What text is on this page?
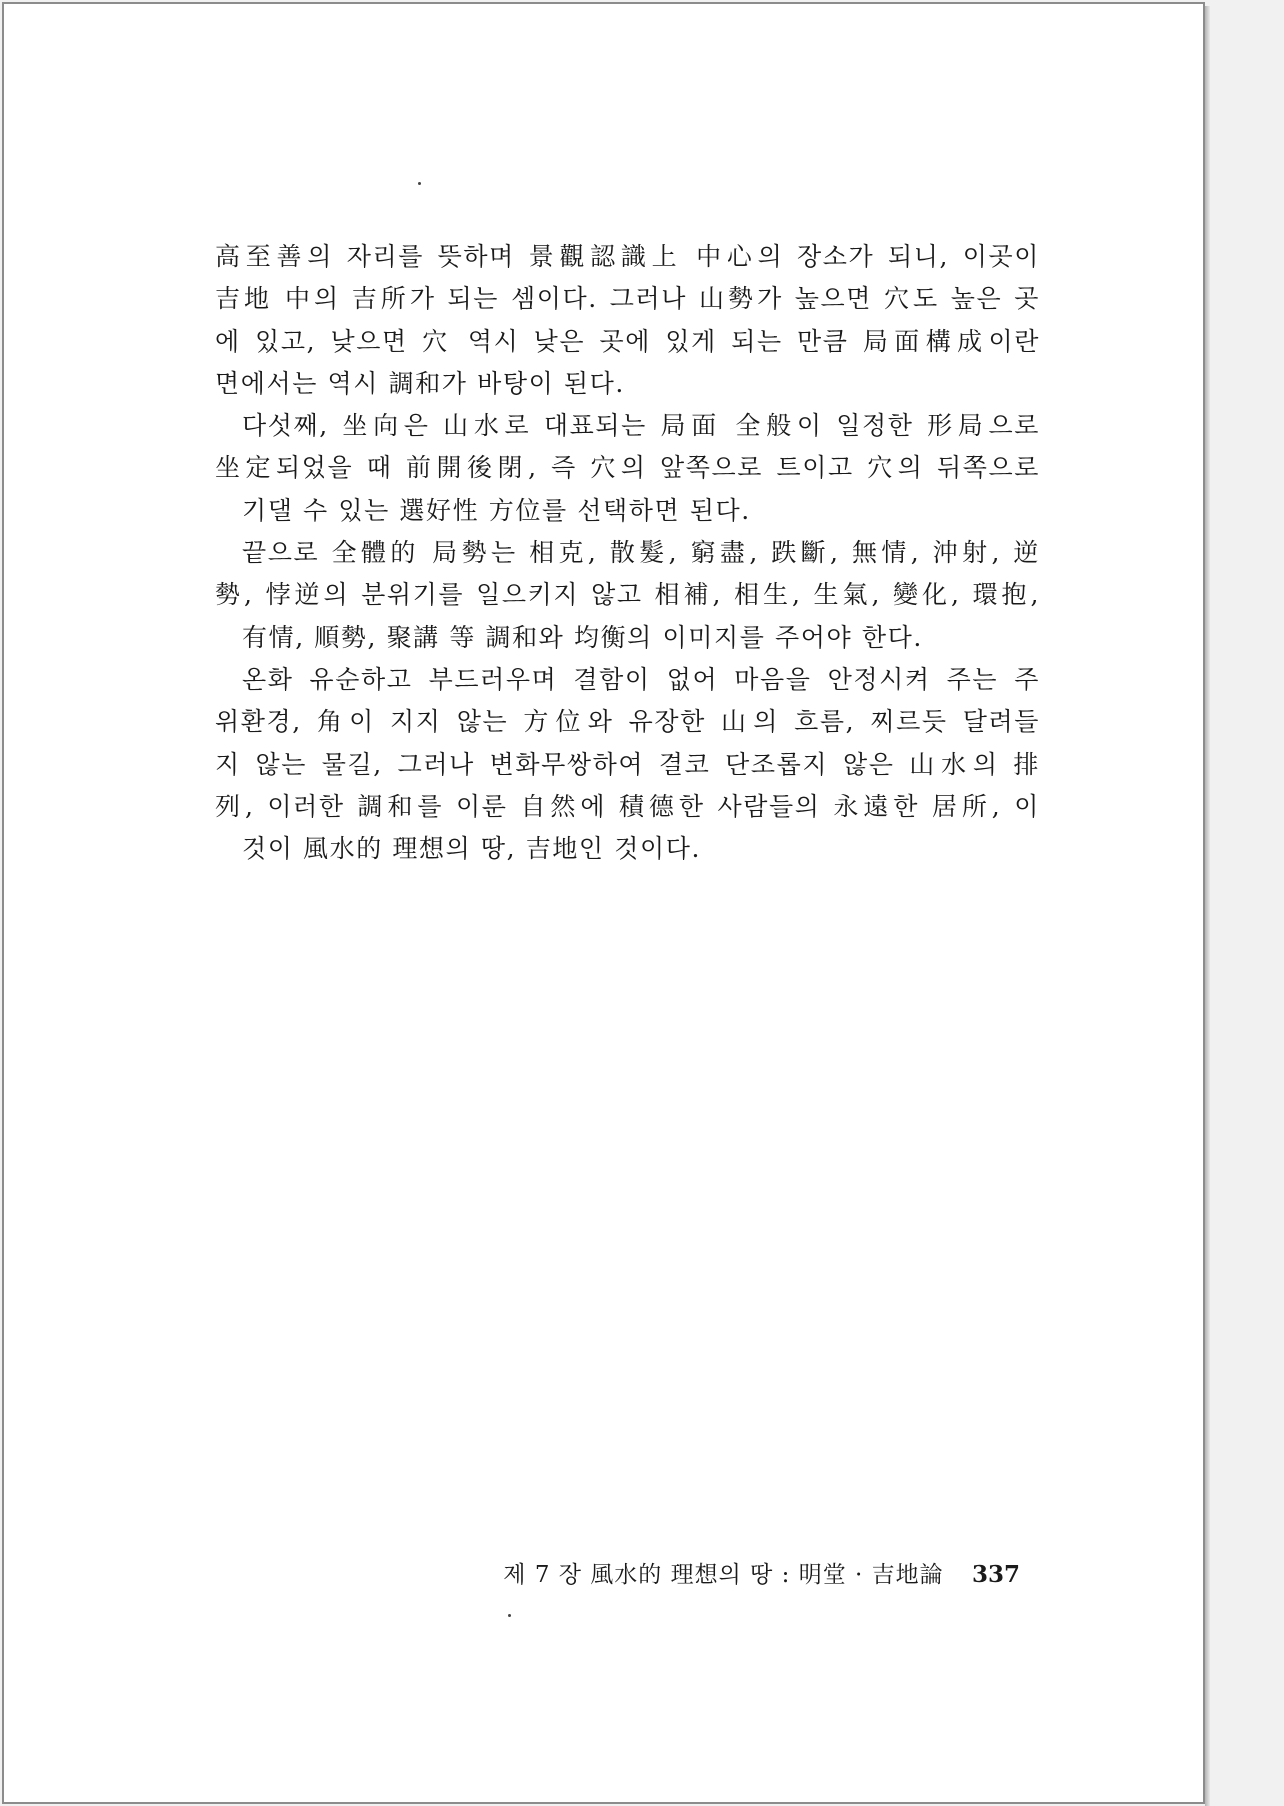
高至善의 자리를 뜻하며 景觀認識上 中心의 장소가 되니, 이곳이
吉地 中의 吉所가 되는 셈이다. 그러나 山勢가 높으면 穴도 높은 곳
에 있고, 낮으면 穴 역시 낮은 곳에 있게 되는 만큼 局面構成이란
면에서는 역시 調和가 바탕이 된다.

다섯째, 坐向은 山水로 대표되는 局面 全般이 일정한 形局으로
坐定되었을 때 前開後閉, 즉 穴의 앞쪽으로 트이고 穴의 뒤쪽으로
기댈 수 있는 選好性 方位를 선택하면 된다.

끝으로 全體的 局勢는 相克, 散髮, 窮盡, 跌斷, 無情, 沖射, 逆
勢, 悖逆의 분위기를 일으키지 않고 相補, 相生, 生氣, 變化, 環抱,
有情, 順勢, 聚講 等 調和와 均衡의 이미지를 주어야 한다.

온화 유순하고 부드러우며 결함이 없어 마음을 안정시켜 주는 주
위환경, 角이 지지 않는 方位와 유장한 山의 흐름, 찌르듯 달려들
지 않는 물길, 그러나 변화무쌍하여 결코 단조롭지 않은 山水의 排
列, 이러한 調和를 이룬 自然에 積德한 사람들의 永遠한 居所, 이
것이 風水的 理想의 땅, 吉地인 것이다.

제 7 장 風水的 理想의 땅 : 明堂 · 吉地論 337
